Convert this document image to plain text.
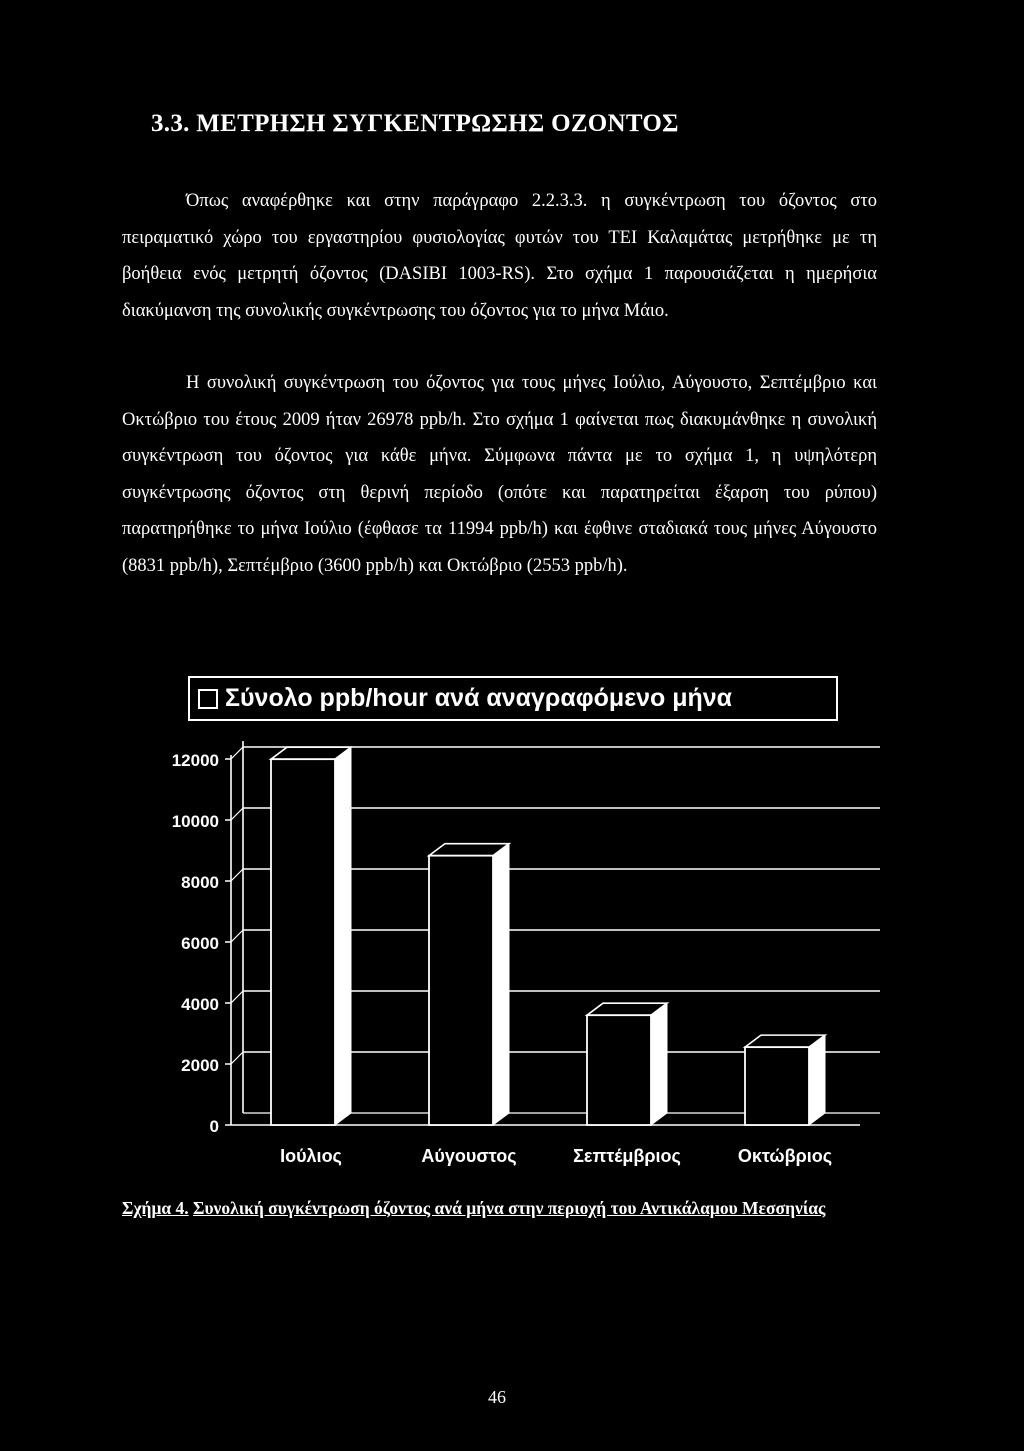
3.3. ΜΕΤΡΗΣΗ ΣΥΓΚΕΝΤΡΩΣΗΣ ΟΖΟΝΤΟΣ

Όπως αναφέρθηκε και στην παράγραφο 2.2.3.3. η συγκέντρωση του όζοντος στο πειραματικό χώρο του εργαστηρίου φυσιολογίας φυτών του ΤΕΙ Καλαμάτας μετρήθηκε με τη βοήθεια ενός μετρητή όζοντος (DASIBI 1003-RS). Στο σχήμα 1 παρουσιάζεται η ημερήσια διακύμανση της συνολικής συγκέντρωσης του όζοντος για το μήνα Μάιο.

Η συνολική συγκέντρωση του όζοντος για τους μήνες Ιούλιο, Αύγουστο, Σεπτέμβριο και Οκτώβριο του έτους 2009 ήταν 26978 ppb/h. Στο σχήμα 1 φαίνεται πως διακυμάνθηκε η συνολική συγκέντρωση του όζοντος για κάθε μήνα. Σύμφωνα πάντα με το σχήμα 1, η υψηλότερη συγκέντρωσης όζοντος στη θερινή περίοδο (οπότε και παρατηρείται έξαρση του ρύπου) παρατηρήθηκε το μήνα Ιούλιο (έφθασε τα 11994 ppb/h) και έφθινε σταδιακά τους μήνες Αύγουστο (8831 ppb/h), Σεπτέμβριο (3600 ppb/h) και Οκτώβριο (2553 ppb/h).

Σύνολο ppb/hour ανά αναγραφόμενο μήνα
0
2000
4000
6000
8000
10000
12000
Ιούλιος	Αύγουστος	Σεπτέμβριος	Οκτώβριος
Σχήμα 4. Συνολική συγκέντρωση όζοντος ανά μήνα στην περιοχή του Αντικάλαμου Μεσσηνίας
46
